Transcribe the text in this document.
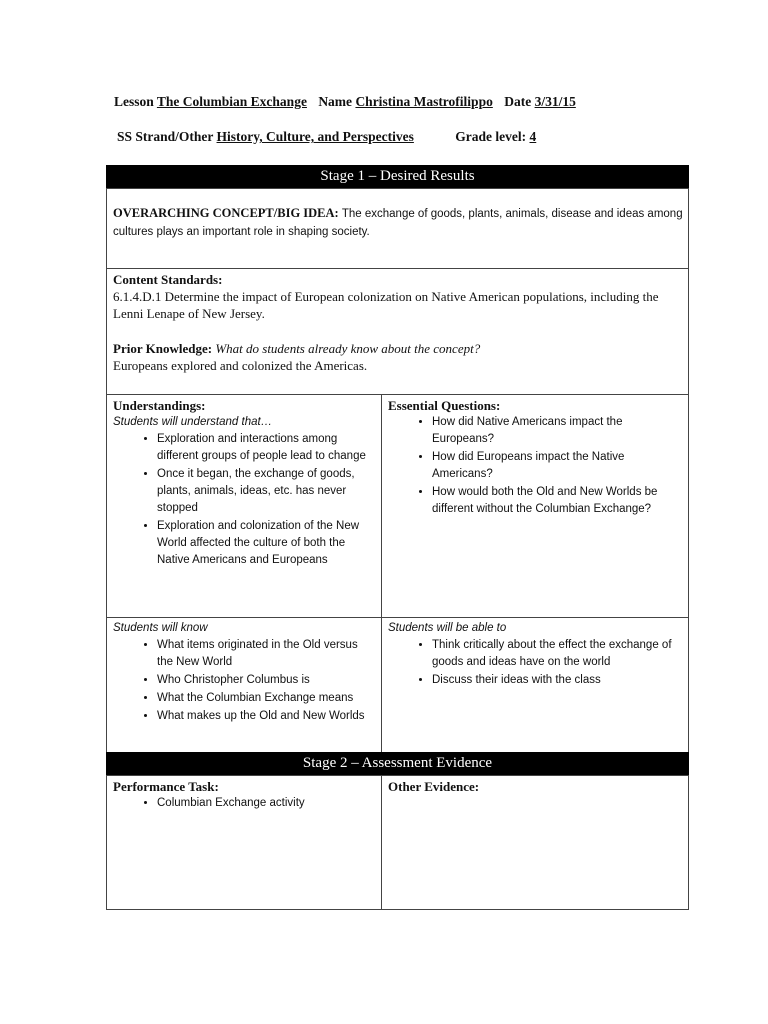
Lesson The Columbian Exchange Name Christina Mastrofilippo Date 3/31/15
SS Strand/Other History, Culture, and Perspectives	Grade level: 4
Stage 1 – Desired Results
OVERARCHING CONCEPT/BIG IDEA: The exchange of goods, plants, animals, disease and ideas among cultures plays an important role in shaping society.
Content Standards:
6.1.4.D.1 Determine the impact of European colonization on Native American populations, including the Lenni Lenape of New Jersey.
Prior Knowledge: What do students already know about the concept?
Europeans explored and colonized the Americas.
Understandings:
Students will understand that…
• Exploration and interactions among different groups of people lead to change
• Once it began, the exchange of goods, plants, animals, ideas, etc. has never stopped
• Exploration and colonization of the New World affected the culture of both the Native Americans and Europeans
Essential Questions:
• How did Native Americans impact the Europeans?
• How did Europeans impact the Native Americans?
• How would both the Old and New Worlds be different without the Columbian Exchange?
Students will know
• What items originated in the Old versus the New World
• Who Christopher Columbus is
• What the Columbian Exchange means
• What makes up the Old and New Worlds
Students will be able to
• Think critically about the effect the exchange of goods and ideas have on the world
• Discuss their ideas with the class
Stage 2 – Assessment Evidence
Performance Task:
• Columbian Exchange activity
Other Evidence:
